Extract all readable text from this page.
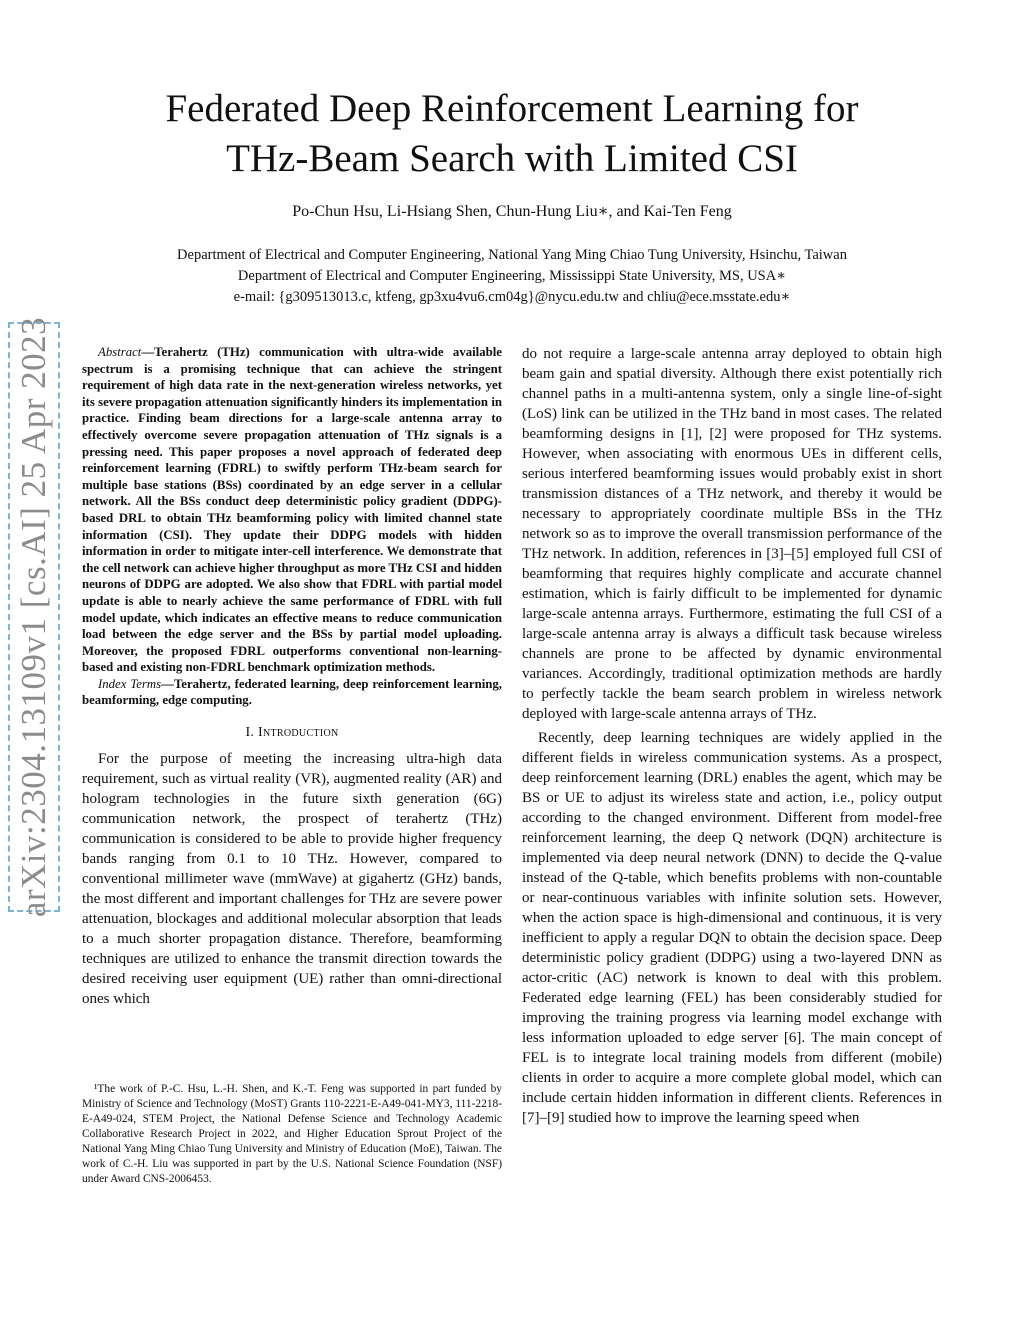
arXiv:2304.13109v1 [cs.AI] 25 Apr 2023
Federated Deep Reinforcement Learning for
THz-Beam Search with Limited CSI
Po-Chun Hsu, Li-Hsiang Shen, Chun-Hung Liu∗, and Kai-Ten Feng
Department of Electrical and Computer Engineering, National Yang Ming Chiao Tung University, Hsinchu, Taiwan
Department of Electrical and Computer Engineering, Mississippi State University, MS, USA∗
e-mail: {g309513013.c, ktfeng, gp3xu4vu6.cm04g}@nycu.edu.tw and chliu@ece.msstate.edu∗

Abstract—Terahertz (THz) communication with ultra-wide available spectrum is a promising technique that can achieve the stringent requirement of high data rate in the next-generation wireless networks, yet its severe propagation attenuation significantly hinders its implementation in practice. Finding beam directions for a large-scale antenna array to effectively overcome severe propagation attenuation of THz signals is a pressing need. This paper proposes a novel approach of federated deep reinforcement learning (FDRL) to swiftly perform THz-beam search for multiple base stations (BSs) coordinated by an edge server in a cellular network. All the BSs conduct deep deterministic policy gradient (DDPG)-based DRL to obtain THz beamforming policy with limited channel state information (CSI). They update their DDPG models with hidden information in order to mitigate inter-cell interference. We demonstrate that the cell network can achieve higher throughput as more THz CSI and hidden neurons of DDPG are adopted. We also show that FDRL with partial model update is able to nearly achieve the same performance of FDRL with full model update, which indicates an effective means to reduce communication load between the edge server and the BSs by partial model uploading. Moreover, the proposed FDRL outperforms conventional non-learning-based and existing non-FDRL benchmark optimization methods.

Index Terms—Terahertz, federated learning, deep reinforcement learning, beamforming, edge computing.

I. Introduction

For the purpose of meeting the increasing ultra-high data requirement, such as virtual reality (VR), augmented reality (AR) and hologram technologies in the future sixth generation (6G) communication network, the prospect of terahertz (THz) communication is considered to be able to provide higher frequency bands ranging from 0.1 to 10 THz. However, compared to conventional millimeter wave (mmWave) at gigahertz (GHz) bands, the most different and important challenges for THz are severe power attenuation, blockages and additional molecular absorption that leads to a much shorter propagation distance. Therefore, beamforming techniques are utilized to enhance the transmit direction towards the desired receiving user equipment (UE) rather than omni-directional ones which

¹The work of P.-C. Hsu, L.-H. Shen, and K.-T. Feng was supported in part funded by Ministry of Science and Technology (MoST) Grants 110-2221-E-A49-041-MY3, 111-2218-E-A49-024, STEM Project, the National Defense Science and Technology Academic Collaborative Research Project in 2022, and Higher Education Sprout Project of the National Yang Ming Chiao Tung University and Ministry of Education (MoE), Taiwan. The work of C.-H. Liu was supported in part by the U.S. National Science Foundation (NSF) under Award CNS-2006453.

do not require a large-scale antenna array deployed to obtain high beam gain and spatial diversity. Although there exist potentially rich channel paths in a multi-antenna system, only a single line-of-sight (LoS) link can be utilized in the THz band in most cases. The related beamforming designs in [1], [2] were proposed for THz systems. However, when associating with enormous UEs in different cells, serious interfered beamforming issues would probably exist in short transmission distances of a THz network, and thereby it would be necessary to appropriately coordinate multiple BSs in the THz network so as to improve the overall transmission performance of the THz network. In addition, references in [3]–[5] employed full CSI of beamforming that requires highly complicate and accurate channel estimation, which is fairly difficult to be implemented for dynamic large-scale antenna arrays. Furthermore, estimating the full CSI of a large-scale antenna array is always a difficult task because wireless channels are prone to be affected by dynamic environmental variances. Accordingly, traditional optimization methods are hardly to perfectly tackle the beam search problem in wireless network deployed with large-scale antenna arrays of THz.

Recently, deep learning techniques are widely applied in the different fields in wireless communication systems. As a prospect, deep reinforcement learning (DRL) enables the agent, which may be BS or UE to adjust its wireless state and action, i.e., policy output according to the changed environment. Different from model-free reinforcement learning, the deep Q network (DQN) architecture is implemented via deep neural network (DNN) to decide the Q-value instead of the Q-table, which benefits problems with non-countable or near-continuous variables with infinite solution sets. However, when the action space is high-dimensional and continuous, it is very inefficient to apply a regular DQN to obtain the decision space. Deep deterministic policy gradient (DDPG) using a two-layered DNN as actor-critic (AC) network is known to deal with this problem. Federated edge learning (FEL) has been considerably studied for improving the training progress via learning model exchange with less information uploaded to edge server [6]. The main concept of FEL is to integrate local training models from different (mobile) clients in order to acquire a more complete global model, which can include certain hidden information in different clients. References in [7]–[9] studied how to improve the learning speed when
